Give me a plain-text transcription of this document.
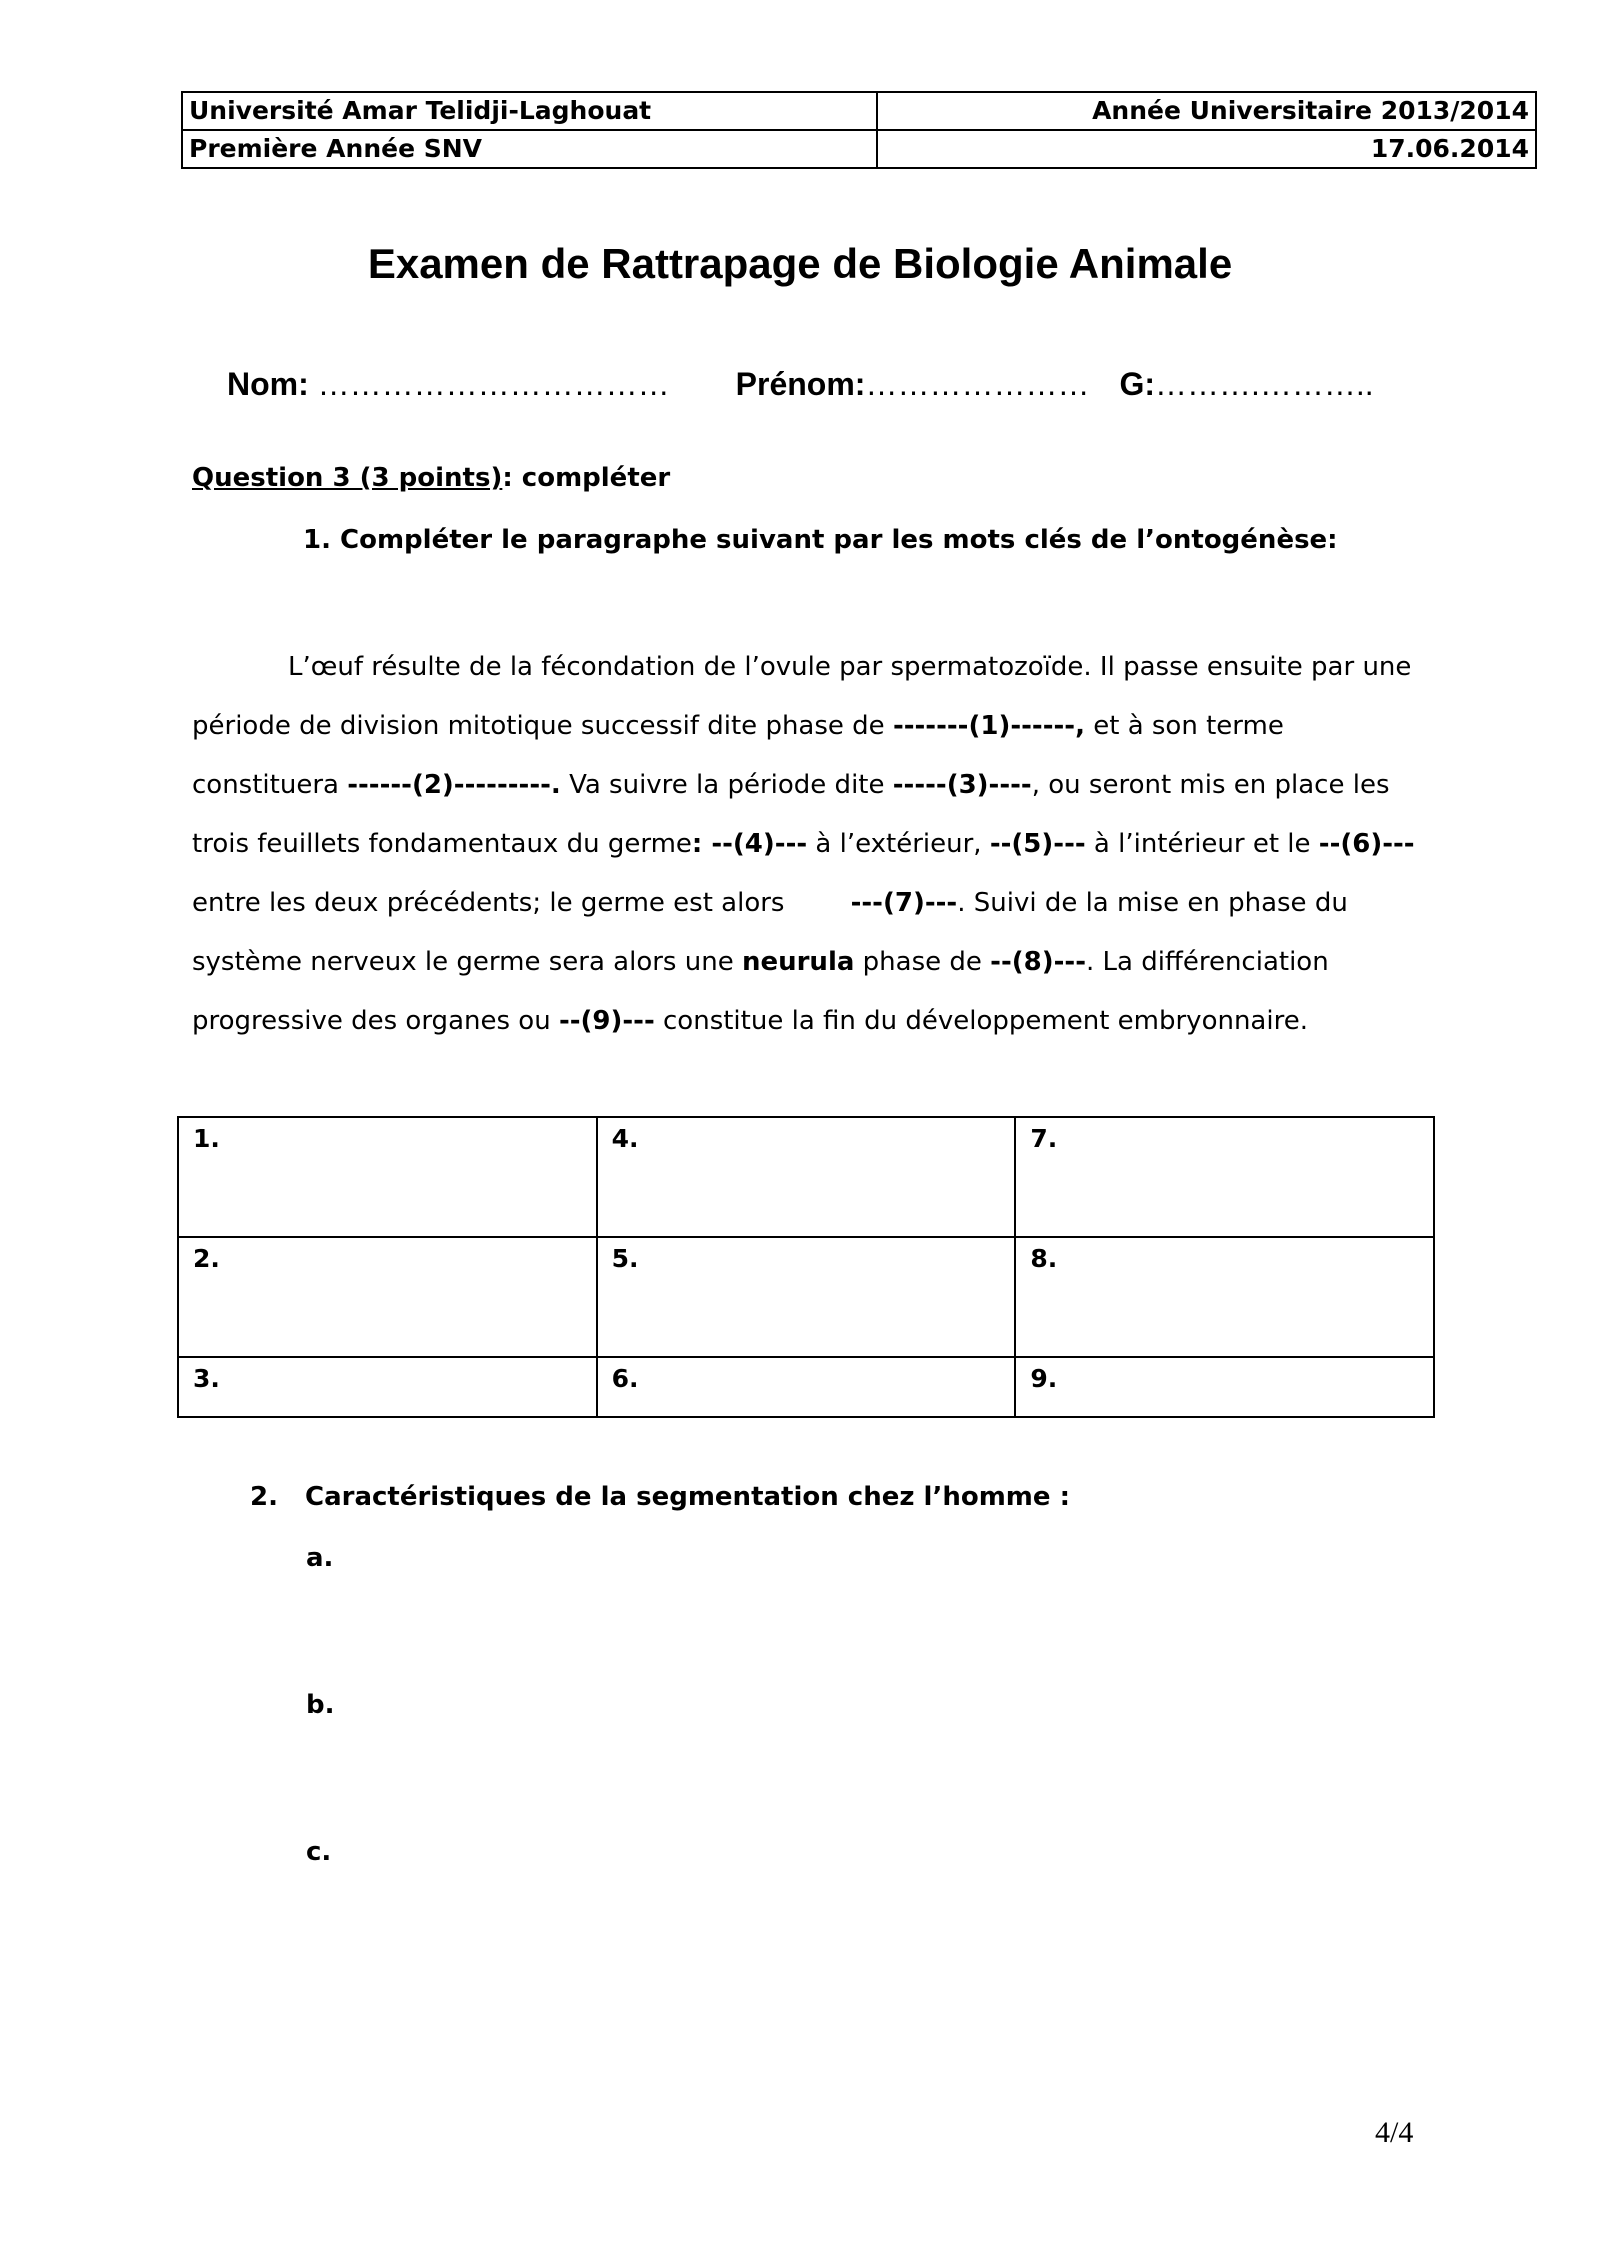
Université Amar Telidji-Laghouat	Année Universitaire 2013/2014
Première Année SNV	17.06.2014
Examen de Rattrapage de Biologie Animale
Nom: …………………………… Prénom:………………… G:……….………..
Question 3 (3 points): compléter
1. Compléter le paragraphe suivant par les mots clés de l’ontogénèse:
L’œuf résulte de la fécondation de l’ovule par spermatozoïde. Il passe ensuite par une
période de division mitotique successif dite phase de -------(1)------, et à son terme
constituera ------(2)---------. Va suivre la période dite -----(3)----, ou seront mis en place les
trois feuillets fondamentaux du germe: --(4)--- à l’extérieur, --(5)--- à l’intérieur et le --(6)---
entre les deux précédents; le germe est alors        ---(7)---. Suivi de la mise en phase du
système nerveux le germe sera alors une neurula phase de --(8)---. La différenciation
progressive des organes ou --(9)--- constitue la fin du développement embryonnaire.
1.	4.	7.
2.	5.	8.
3.	6.	9.
2. Caractéristiques de la segmentation chez l’homme :
a.
b.
c.
4/4
